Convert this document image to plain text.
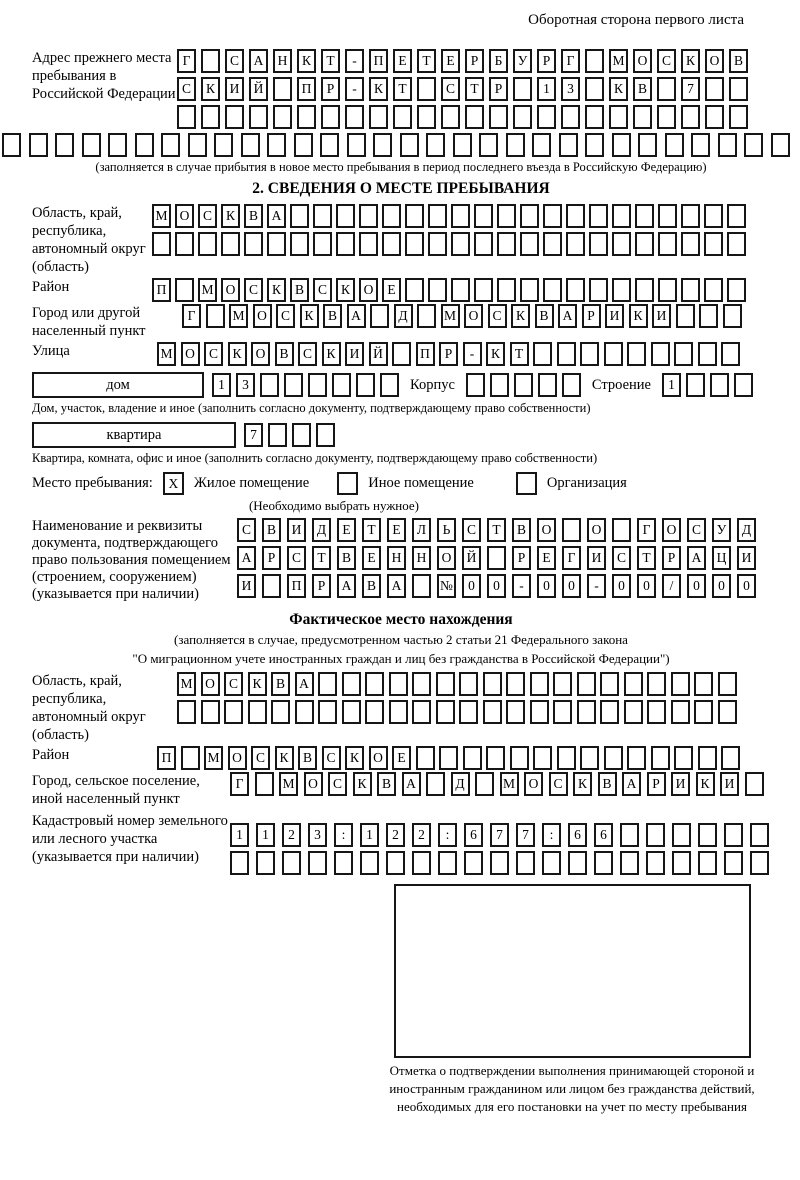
Оборотная сторона первого листа
Адрес прежнего места пребывания в Российской Федерации
Г	С	А	Н	К	Т	-	П	Е	Т	Е	Р	Б	У	Р	Г	М О	С	К	О	В
С	К	И	Й	П	Р	-	К	Т	С	Т	Р	1	3	К	В	7
(заполняется в случае прибытия в новое место пребывания в период последнего въезда в Российскую Федерацию)
2. СВЕДЕНИЯ О МЕСТЕ ПРЕБЫВАНИЯ
Область, край, республика, автономный округ (область)
М О	С	К	В	А
Район	П	М О	С	К	В	С	К	О	Е
Город или другой населенный пункт
Г	М О	С	К	В	А	Д	М О	С	К	В	А	Р	И	К	И
Улица	М О	С	К	О	В	С	К	И	Й	П	Р	-	К	Т
дом	1	3	Корпус	Строение	1
Дом, участок, владение и иное (заполнить согласно документу, подтверждающему право собственности)
квартира	7
Квартира, комната, офис и иное (заполнить согласно документу, подтверждающему право собственности)
Место пребывания:	X	Жилое помещение	Иное помещение	Организация
(Необходимо выбрать нужное)
Наименование и реквизиты документа, подтверждающего право пользования помещением (строением, сооружением) (указывается при наличии)
С	В	И	Д	Е	Т	Е	Л	Ь	С	Т	В	О	О	Г	О	С	У	Д
А	Р	С	Т	В	Е	Н	Н	О	Й	Р	Е	Г	И	С	Т	Р	А	Ц	И
И	П	Р	А	В	А	№	0	0	-	0	0	-	0	0	/	0	0	0
Фактическое место нахождения
(заполняется в случае, предусмотренном частью 2 статьи 21 Федерального закона
"О миграционном учете иностранных граждан и лиц без гражданства в Российской Федерации")
Область, край, республика, автономный округ (область)
М О	С	К	В	А
Район	П	М О	С	К	В	С	К	О	Е
Город, сельское поселение, иной населенный пункт
Г	М	О	С	К	В	А	Д	М	О	С	К	В	А	Р	И	К	И
Кадастровый номер земельного или лесного участка (указывается при наличии)
1	1	2	3	:	1	2	2	:	6	7	7	:	6	6
Отметка о подтверждении выполнения принимающей стороной и иностранным гражданином или лицом без гражданства действий, необходимых для его постановки на учет по месту пребывания
